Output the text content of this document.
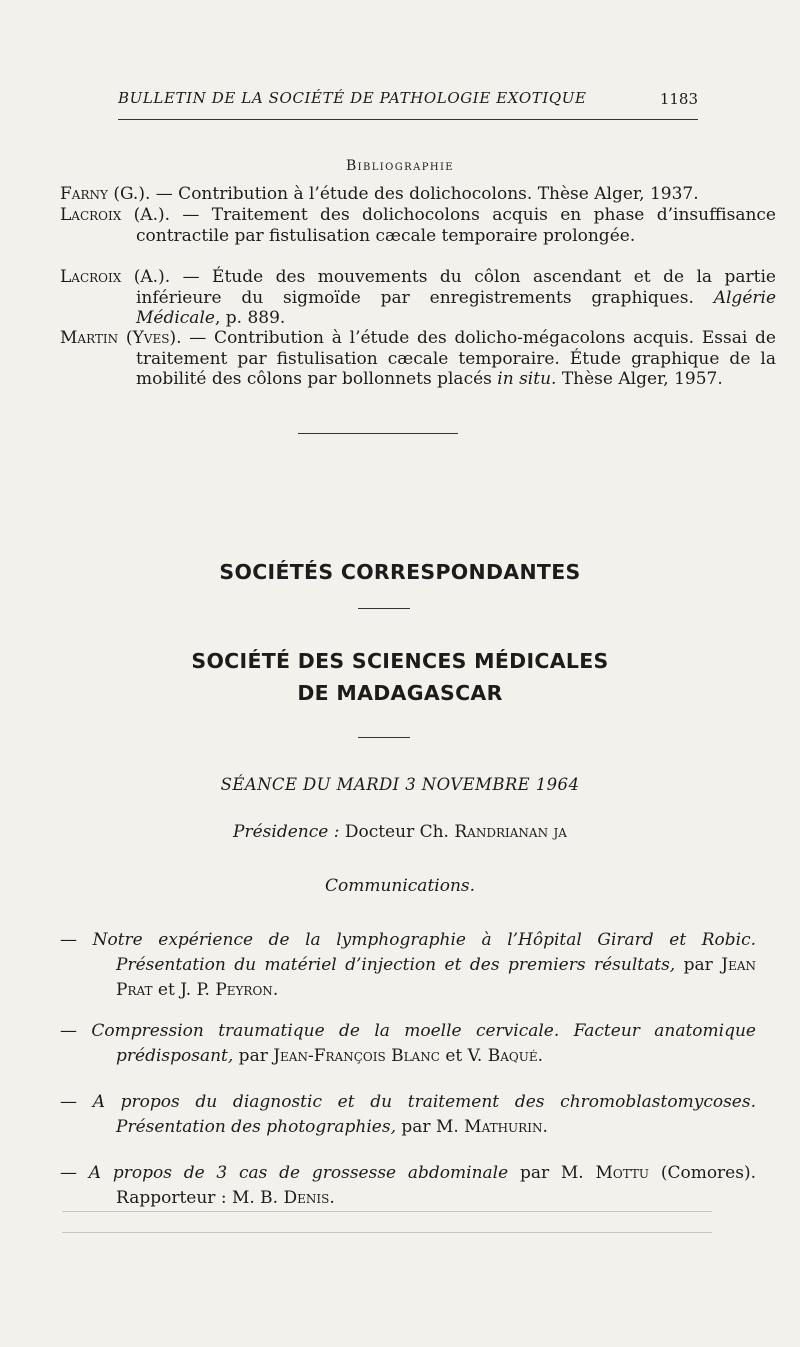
BULLETIN DE LA SOCIÉTÉ DE PATHOLOGIE EXOTIQUE	1183
Bibliographie

Farny (G.). — Contribution à l’étude des dolichocolons. Thèse Alger, 1937.

Lacroix (A.). — Traitement des dolichocolons acquis en phase d’insuffisance contractile par fistulisation cæcale temporaire prolongée.

Lacroix (A.). — Étude des mouvements du côlon ascendant et de la partie inférieure du sigmoïde par enregistrements graphiques. Algérie Médicale, p. 889.

Martin (Yves). — Contribution à l’étude des dolicho-mégacolons acquis. Essai de traitement par fistulisation cæcale temporaire. Étude graphique de la mobilité des côlons par bollonnets placés in situ. Thèse Alger, 1957.

SOCIÉTÉS CORRESPONDANTES
SOCIÉTÉ DES SCIENCES MÉDICALES
DE MADAGASCAR
SÉANCE DU MARDI 3 NOVEMBRE 1964
Présidence : Docteur Ch. Randrianan ja
Communications.

— Notre expérience de la lymphographie à l’Hôpital Girard et Robic. Présentation du matériel d’injection et des premiers résultats, par Jean Prat et J. P. Peyron.

— Compression traumatique de la moelle cervicale. Facteur anatomique prédisposant, par Jean-François Blanc et V. Baqué.

— A propos du diagnostic et du traitement des chromoblastomycoses. Présentation des photographies, par M. Mathurin.

— A propos de 3 cas de grossesse abdominale par M. Mottu (Comores). Rapporteur : M. B. Denis.
